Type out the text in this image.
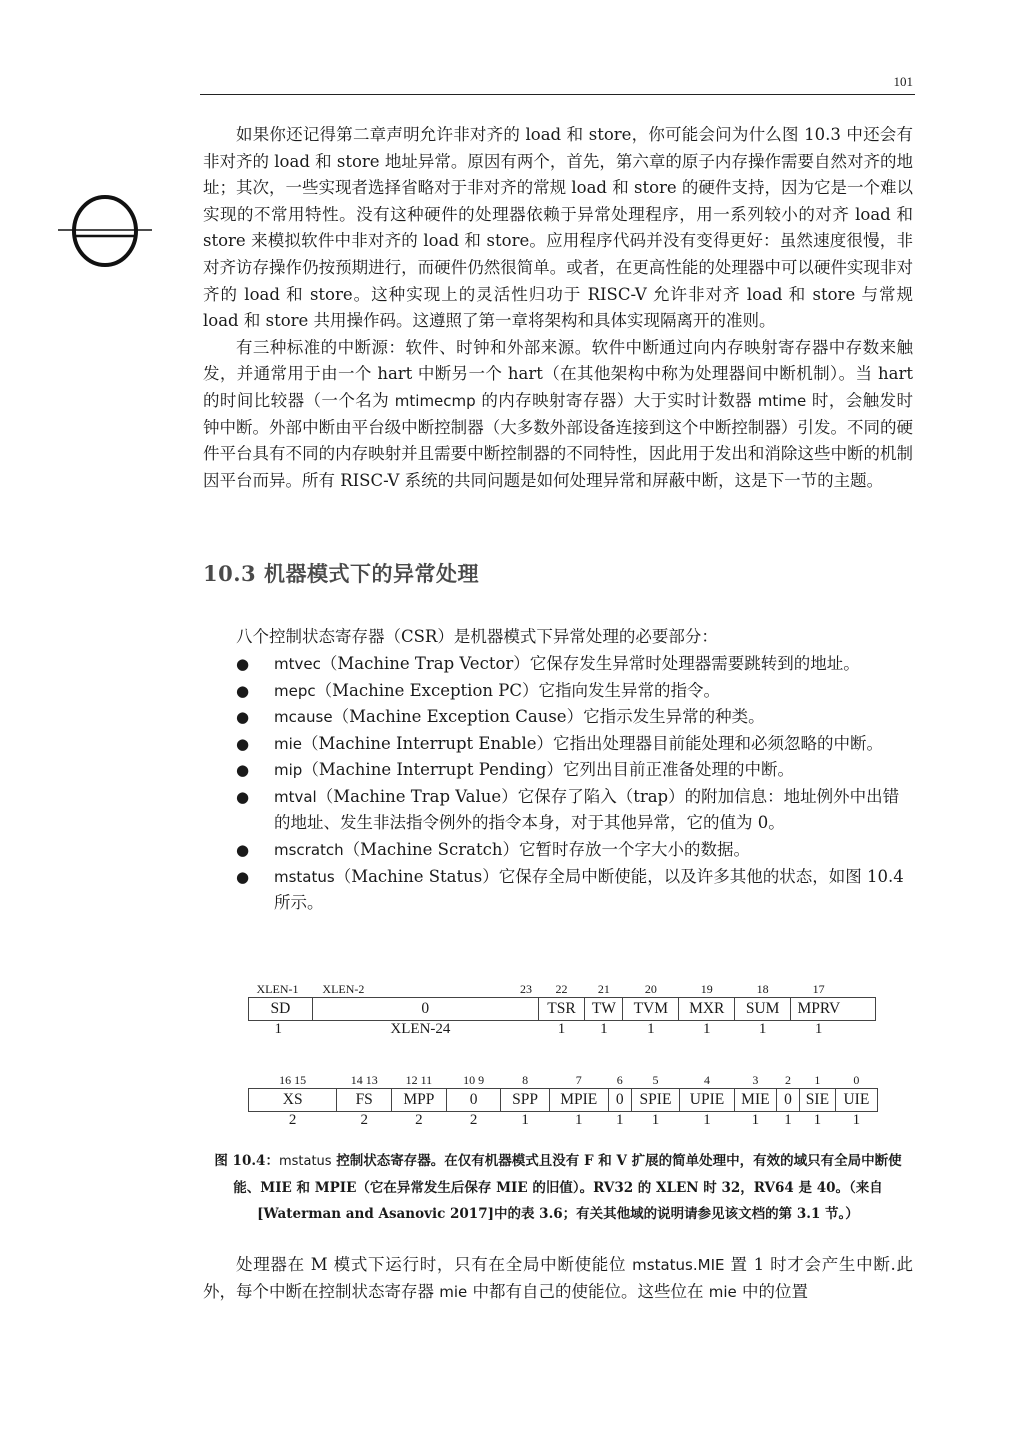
101

如果你还记得第二章声明允许非对齐的 load 和 store，你可能会问为什么图 10.3 中还会有非对齐的 load 和 store 地址异常。原因有两个，首先，第六章的原子内存操作需要自然对齐的地址；其次，一些实现者选择省略对于非对齐的常规 load 和 store 的硬件支持，因为它是一个难以实现的不常用特性。没有这种硬件的处理器依赖于异常处理程序，用一系列较小的对齐 load 和 store 来模拟软件中非对齐的 load 和 store。应用程序代码并没有变得更好：虽然速度很慢，非对齐访存操作仍按预期进行，而硬件仍然很简单。或者，在更高性能的处理器中可以硬件实现非对齐的 load 和 store。这种实现上的灵活性归功于 RISC-V 允许非对齐 load 和 store 与常规 load 和 store 共用操作码。这遵照了第一章将架构和具体实现隔离开的准则。

有三种标准的中断源：软件、时钟和外部来源。软件中断通过向内存映射寄存器中存数来触发，并通常用于由一个 hart 中断另一个 hart（在其他架构中称为处理器间中断机制）。当 hart 的时间比较器（一个名为 mtimecmp 的内存映射寄存器）大于实时计数器 mtime 时，会触发时钟中断。外部中断由平台级中断控制器（大多数外部设备连接到这个中断控制器）引发。不同的硬件平台具有不同的内存映射并且需要中断控制器的不同特性，因此用于发出和消除这些中断的机制因平台而异。所有 RISC-V 系统的共同问题是如何处理异常和屏蔽中断，这是下一节的主题。

10.3 机器模式下的异常处理

八个控制状态寄存器（CSR）是机器模式下异常处理的必要部分：

● mtvec（Machine Trap Vector）它保存发生异常时处理器需要跳转到的地址。
● mepc（Machine Exception PC）它指向发生异常的指令。
● mcause（Machine Exception Cause）它指示发生异常的种类。
● mie（Machine Interrupt Enable）它指出处理器目前能处理和必须忽略的中断。
● mip（Machine Interrupt Pending）它列出目前正准备处理的中断。
● mtval（Machine Trap Value）它保存了陷入（trap）的附加信息：地址例外中出错的地址、发生非法指令例外的指令本身，对于其他异常，它的值为 0。
● mscratch（Machine Scratch）它暂时存放一个字大小的数据。
● mstatus（Machine Status）它保存全局中断使能，以及许多其他的状态，如图 10.4 所示。
XLEN-1	XLEN-2 23	22	21	20	19	18	17	
SD	0	TSR	TW	TVM	MXR	SUM	MPRV	
1	XLEN-24	1	1	1	1	1	1	
16 15	14 13	12 11	10 9	8	7	6	5	4	3	2	1	0
XS	FS	MPP	0	SPP	MPIE	0	SPIE	UPIE	MIE	0	SIE	UIE
2	2	2	2	1	1	1	1	1	1	1	1	1
图 10.4：mstatus 控制状态寄存器。在仅有机器模式且没有 F 和 V 扩展的简单处理中，有效的域只有全局中断使能、MIE 和 MPIE（它在异常发生后保存 MIE 的旧值）。RV32 的 XLEN 时 32，RV64 是 40。（来自[Waterman and Asanovic 2017]中的表 3.6；有关其他域的说明请参见该文档的第 3.1 节。）

处理器在 M 模式下运行时，只有在全局中断使能位 mstatus.MIE 置 1 时才会产生中断.此外，每个中断在控制状态寄存器 mie 中都有自己的使能位。这些位在 mie 中的位置
